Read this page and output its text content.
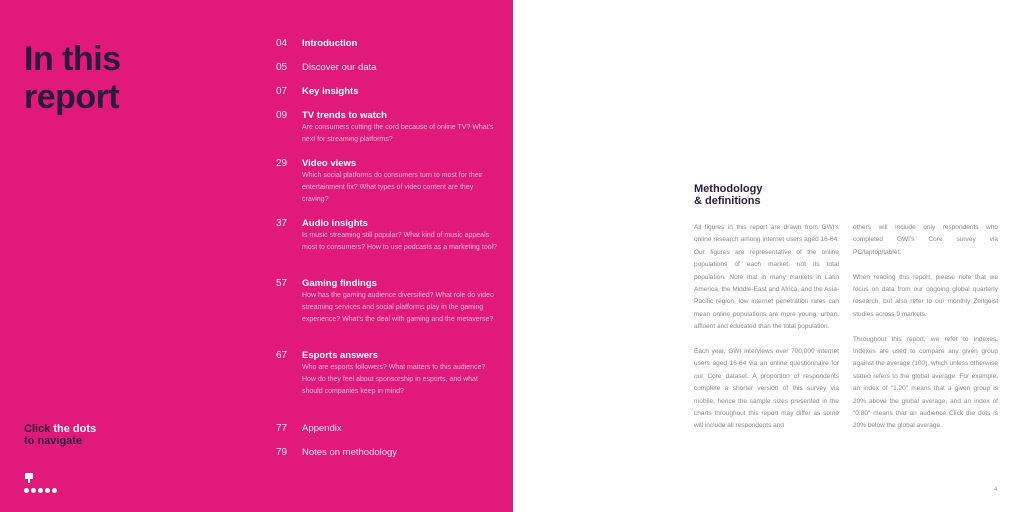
In this
report
04 Introduction
05 Discover our data
07 Key insights
09 TV trends to watch
Are consumers cutting the cord because of online TV? What's next for streaming platforms?
29 Video views
Which social platforms do consumers turn to most for their entertainment fix? What types of video content are they craving?
37 Audio insights
Is music streaming still popular? What kind of music appeals most to consumers? How to use podcasts as a marketing tool?
57 Gaming findings
How has the gaming audience diversified? What role do video streaming services and social platforms play in the gaming experience? What's the deal with gaming and the metaverse?
67 Esports answers
Who are esports followers? What matters to this audience? How do they feel about sponsorship in esports, and what should companies keep in mind?
77 Appendix
79 Notes on methodology
Click the dots
to navigate
Methodology
& definitions

All figures in this report are drawn from GWI's online research among internet users aged 16-64. Our figures are representative of the online populations of each market, not its total population. Note that in many markets in Latin America, the Middle-East and Africa, and the Asia-Pacific region, low internet penetration rates can mean online populations are more young, urban, affluent and educated than the total population.

Each year, GWI interviews over 700,000 internet users aged 16-64 via an online questionnaire for our Core dataset. A proportion of respondents complete a shorter version of this survey via mobile, hence the sample sizes presented in the charts throughout this report may differ as some will include all respondents and

others will include only respondents who completed GWI's Core survey via PC/laptop/tablet.

When reading this report, please note that we focus on data from our ongoing global quarterly research, but also refer to our monthly Zeitgeist studies across 9 markets.

Throughout this report, we refer to indexes. Indexes are used to compare any given group against the average (100), which unless otherwise stated refers to the global average. For example, an index of "1.20" means that a given group is 20% above the global average, and an index of "0.80" means that an audience Click the dots is 20% below the global average.

4
